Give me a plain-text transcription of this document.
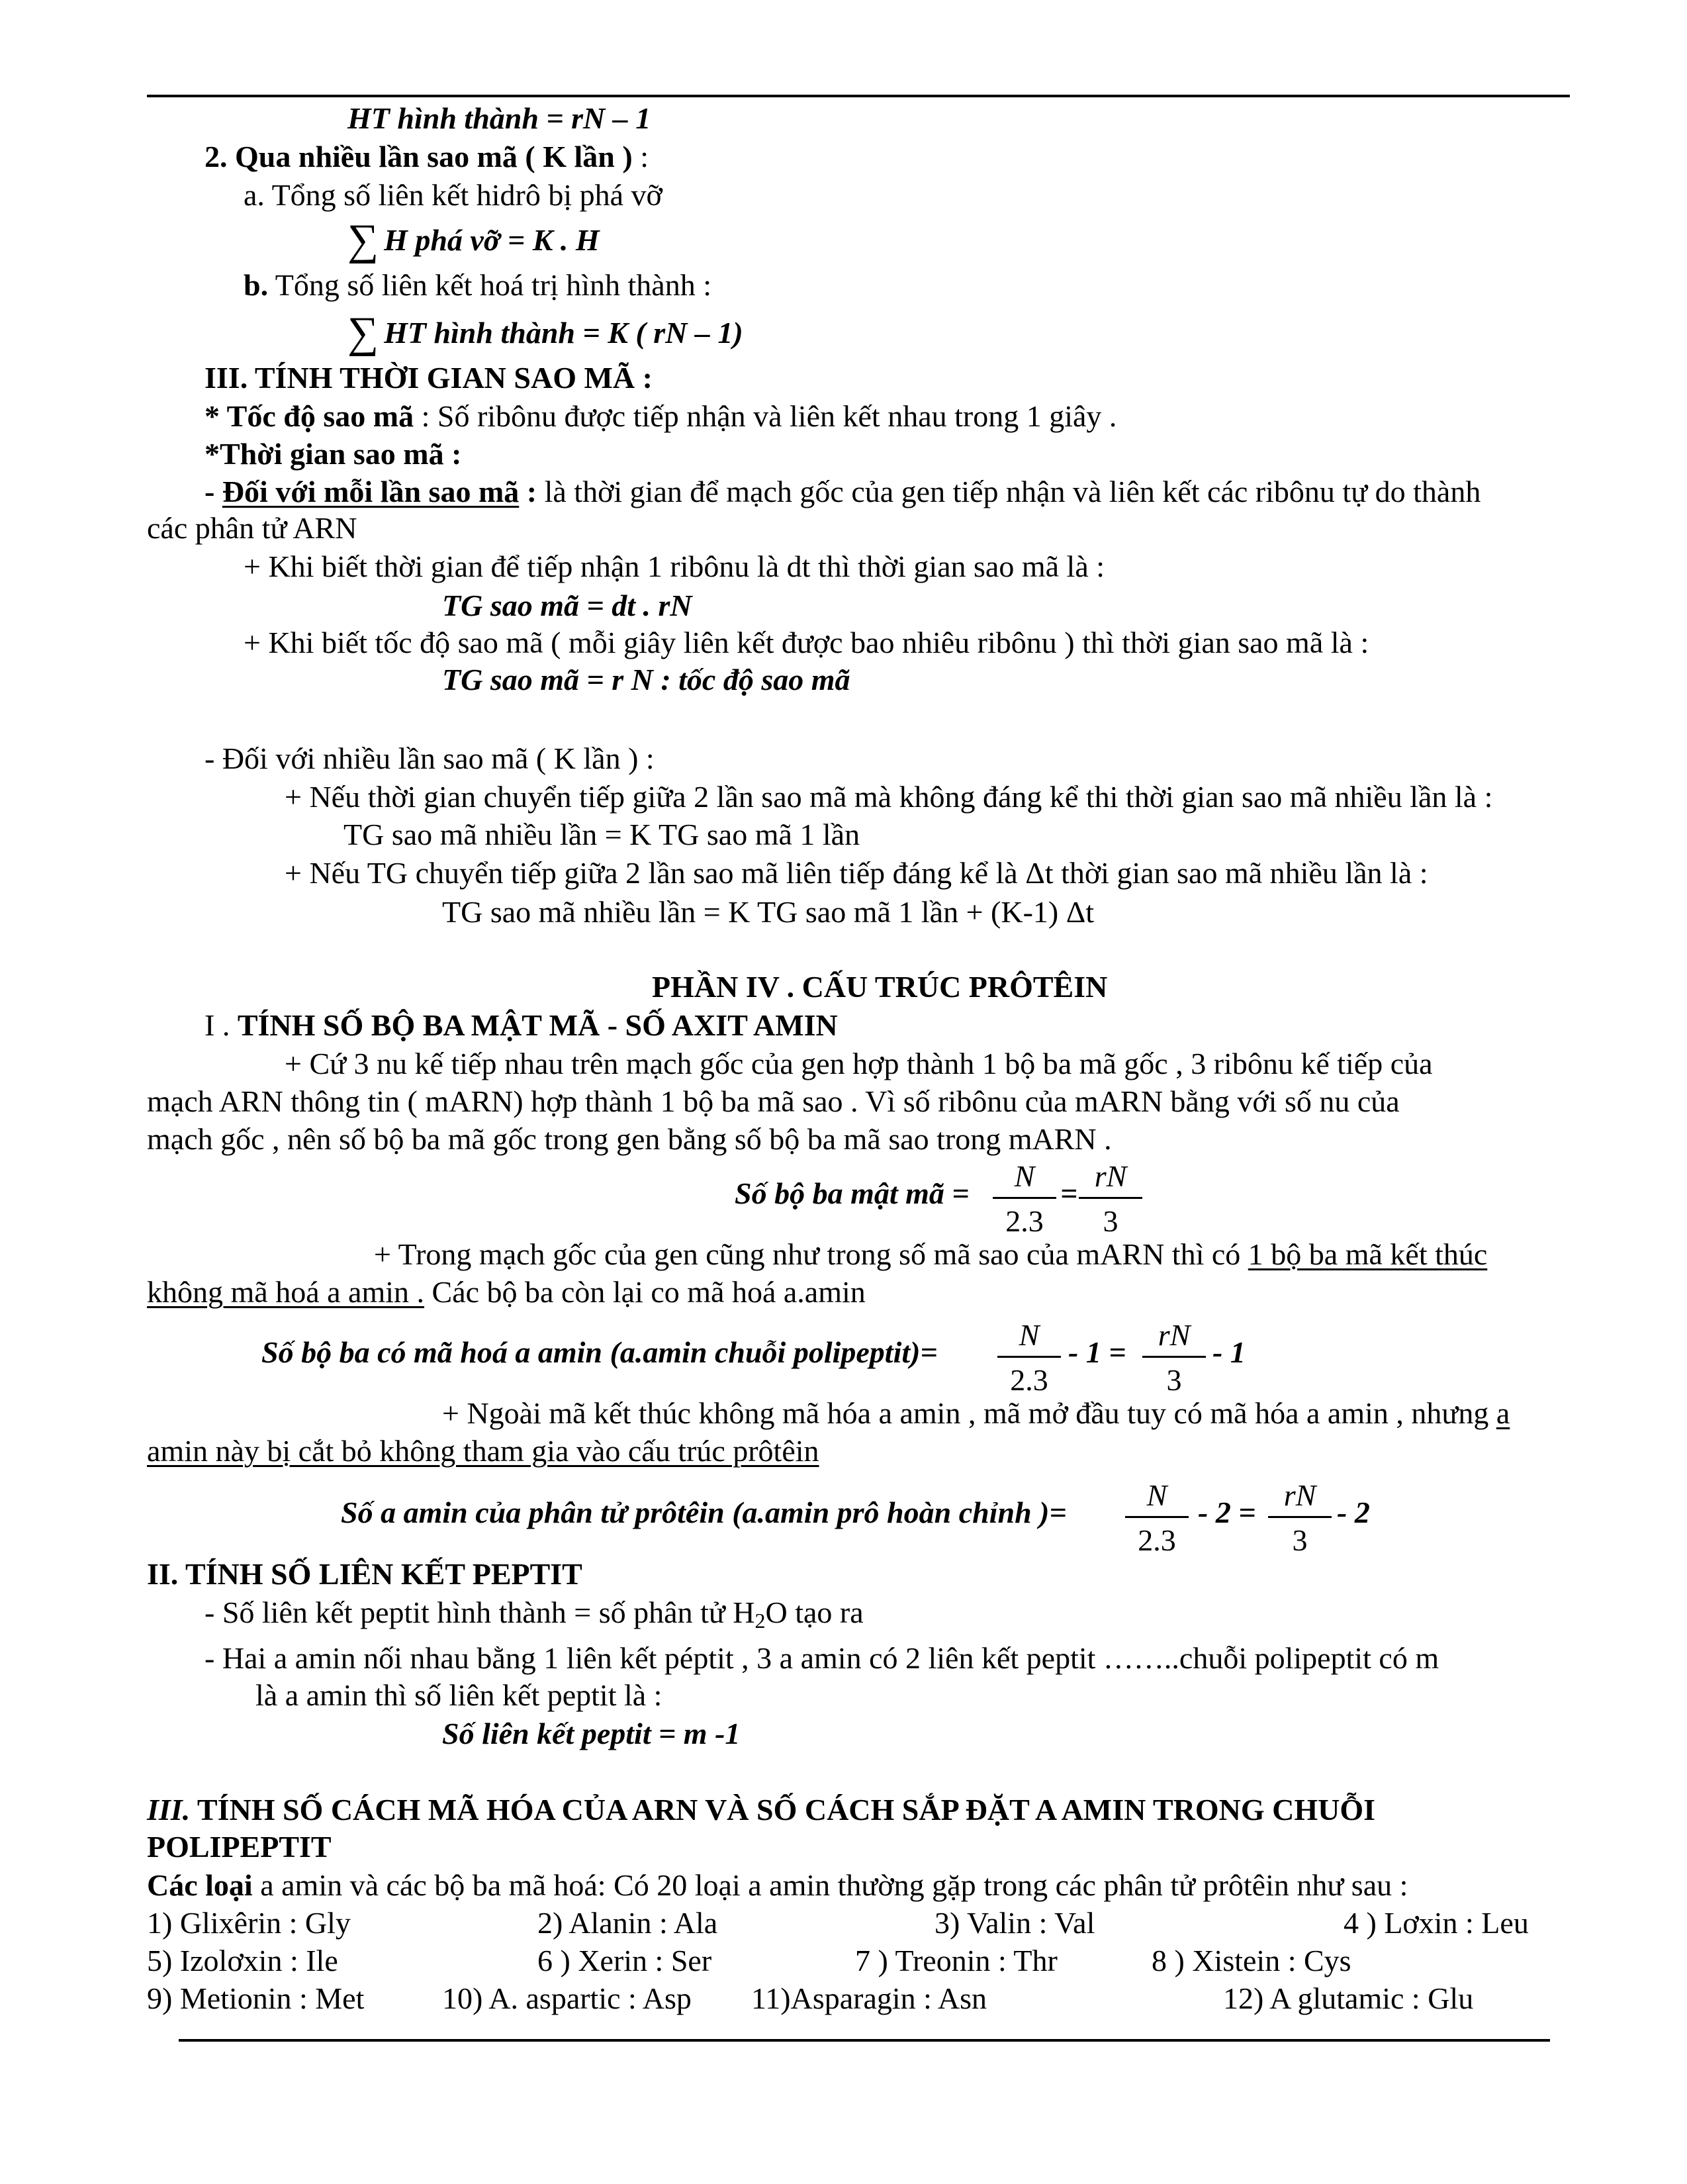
HT hình thành = rN – 1
2. Qua nhiều lần sao mã ( K lần ) :
a. Tổng số liên kết hidrô bị phá vỡ
∑ H phá vỡ = K . H
b. Tổng số liên kết hoá trị hình thành :
∑ HT hình thành = K ( rN – 1)
III. TÍNH THỜI GIAN SAO MÃ :
* Tốc độ sao mã : Số ribônu được tiếp nhận và liên kết nhau trong 1 giây .
*Thời gian sao mã :
- Đối với mỗi lần sao mã : là thời gian để mạch gốc của gen tiếp nhận và liên kết các ribônu tự do thành
các phân tử ARN
+ Khi biết thời gian để tiếp nhận 1 ribônu là dt thì thời gian sao mã là :
TG sao mã = dt . rN
+ Khi biết tốc độ sao mã ( mỗi giây liên kết được bao nhiêu ribônu ) thì thời gian sao mã là :
TG sao mã = r N : tốc độ sao mã
- Đối với nhiều lần sao mã ( K lần ) :
+ Nếu thời gian chuyển tiếp giữa 2 lần sao mã mà không đáng kể thi thời gian sao mã nhiều lần là :
TG sao mã nhiều lần = K TG sao mã 1 lần
+ Nếu TG chuyển tiếp giữa 2 lần sao mã liên tiếp đáng kể là Δt thời gian sao mã nhiều lần là :
TG sao mã nhiều lần = K TG sao mã 1 lần + (K-1) Δt
PHẦN IV . CẤU TRÚC PRÔTÊIN
I . TÍNH SỐ BỘ BA MẬT MÃ - SỐ AXIT AMIN
+ Cứ 3 nu kế tiếp nhau trên mạch gốc của gen hợp thành 1 bộ ba mã gốc , 3 ribônu kế tiếp của
mạch ARN thông tin ( mARN) hợp thành 1 bộ ba mã sao . Vì số ribônu của mARN bằng với số nu của
mạch gốc , nên số bộ ba mã gốc trong gen bằng số bộ ba mã sao trong mARN .
Số bộ ba mật mã =
N
2.3
=
rN
3
+ Trong mạch gốc của gen cũng như trong số mã sao của mARN thì có 1 bộ ba mã kết thúc
không mã hoá a amin . Các bộ ba còn lại co mã hoá a.amin
Số bộ ba có mã hoá a amin (a.amin chuỗi polipeptit)=
N
2.3
- 1 =
rN
3
- 1
+ Ngoài mã kết thúc không mã hóa a amin , mã mở đầu tuy có mã hóa a amin , nhưng a
amin này bị cắt bỏ không tham gia vào cấu trúc prôtêin
Số a amin của phân tử prôtêin (a.amin prô hoàn chỉnh )=
N
2.3
- 2 =
rN
3
- 2
II. TÍNH SỐ LIÊN KẾT PEPTIT
- Số liên kết peptit hình thành = số phân tử $H_2O$ tạo ra
- Hai a amin nối nhau bằng 1 liên kết péptit , 3 a amin có 2 liên kết peptit ……..chuỗi polipeptit có m
là a amin thì số liên kết peptit là :
Số liên kết peptit = m -1
III. TÍNH SỐ CÁCH MÃ HÓA CỦA ARN VÀ SỐ CÁCH SẮP ĐẶT A AMIN TRONG CHUỖI
POLIPEPTIT
Các loại a amin và các bộ ba mã hoá: Có 20 loại a amin thường gặp trong các phân tử prôtêin như sau :
1) Glixêrin : Gly	2) Alanin : Ala	3) Valin : Val	4 ) Lơxin : Leu
5) Izolơxin : Ile	6 ) Xerin : Ser	7 ) Treonin : Thr	8 ) Xistein : Cys
9) Metionin : Met	10) A. aspartic : Asp 11)Asparagin : Asn	12) A glutamic : Glu
